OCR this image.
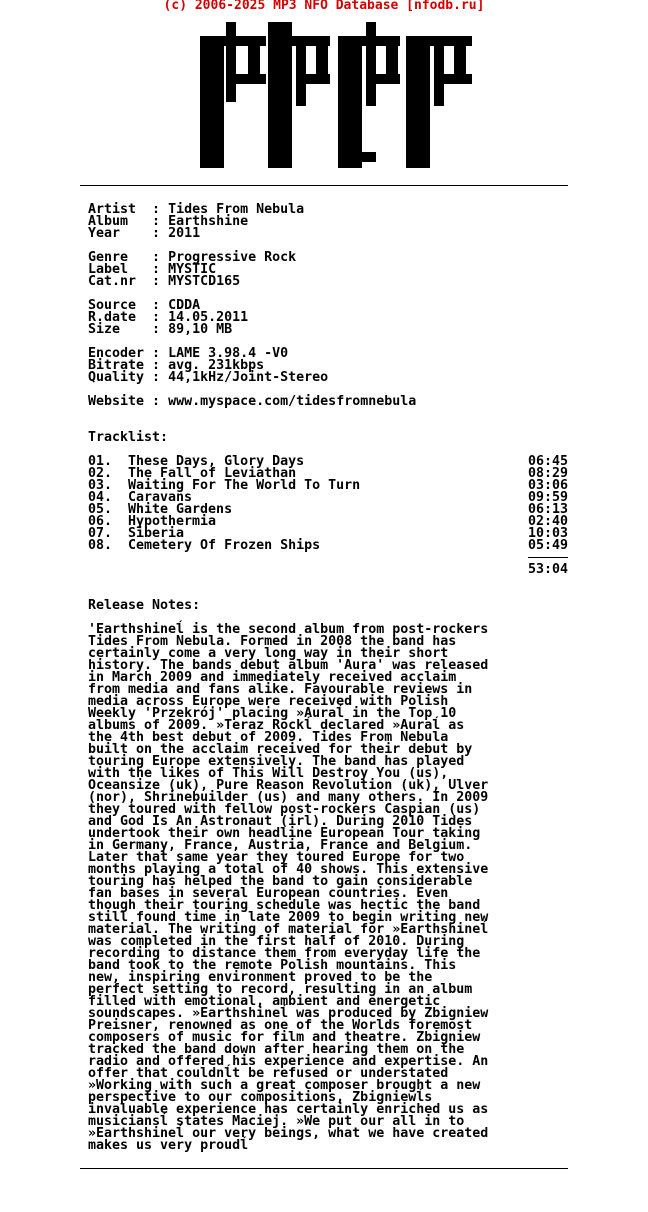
(c) 2006-2025 MP3 NFO Database [nfodb.ru]
Artist  : Tides From Nebula
Album   : Earthshine
Year    : 2011
Genre   : Progressive Rock
Label   : MYSTIC
Cat.nr  : MYSTCD165
Source  : CDDA
R.date  : 14.05.2011
Size    : 89,10 MB
Encoder : LAME 3.98.4 -V0
Bitrate : avg. 231kbps
Quality : 44,1kHz/Joint-Stereo
Website : www.myspace.com/tidesfromnebula
Tracklist:
01.	These Days, Glory Days	06:45
02.	The Fall of Leviathan	08:29
03.	Waiting For The World To Turn	03:06
04.	Caravans	09:59
05.	White Gardens	06:13
06.	Hypothermia	02:40
07.	Siberia	10:03
08.	Cemetery Of Frozen Ships	05:49
53:04
Release Notes:
'Earthshineĺ is the second album from post-rockers
Tides From Nebula. Formed in 2008 the band has
certainly come a very long way in their short
history. The bands debut album 'Aura' was released
in March 2009 and immediately received acclaim
from media and fans alike. Favourable reviews in
media across Europe were received with Polish
Weekly 'Przekrój' placing »Auraĺ in the Top 10
albums of 2009. »Teraz Rockĺ declared »Auraĺ as
the 4th best debut of 2009. Tides From Nebula
built on the acclaim received for their debut by
touring Europe extensively. The band has played
with the likes of This Will Destroy You (us),
Oceansize (uk), Pure Reason Revolution (uk), Ulver
(nor), Shrinebuilder (us) and many others. In 2009
they toured with fellow post-rockers Caspian (us)
and God Is An Astronaut (irl). During 2010 Tides
undertook their own headline European Tour taking
in Germany, France, Austria, France and Belgium.
Later that same year they toured Europe for two
months playing a total of 40 shows. This extensive
touring has helped the band to gain considerable
fan bases in several European countries. Even
though their touring schedule was hectic the band
still found time in late 2009 to begin writing new
material. The writing of material for »Earthshineĺ
was completed in the first half of 2010. During
recording to distance them from everyday life the
band took to the remote Polish mountains. This
new, inspiring environment proved to be the
perfect setting to record, resulting in an album
filled with emotional, ambient and energetic
soundscapes. »Earthshineĺ was produced by Zbigniew
Preisner, renowned as one of the Worlds foremost
composers of music for film and theatre. Zbigniew
tracked the band down after hearing them on the
radio and offered his experience and expertise. An
offer that couldnĺt be refused or understated
»Working with such a great composer brought a new
perspective to our compositions, Zbigniewĺs
invaluable experience has certainly enriched us as
musiciansĺ states Maciej. »We put our all in to
»Earthshineĺ our very beings, what we have created
makes us very proudĺ
